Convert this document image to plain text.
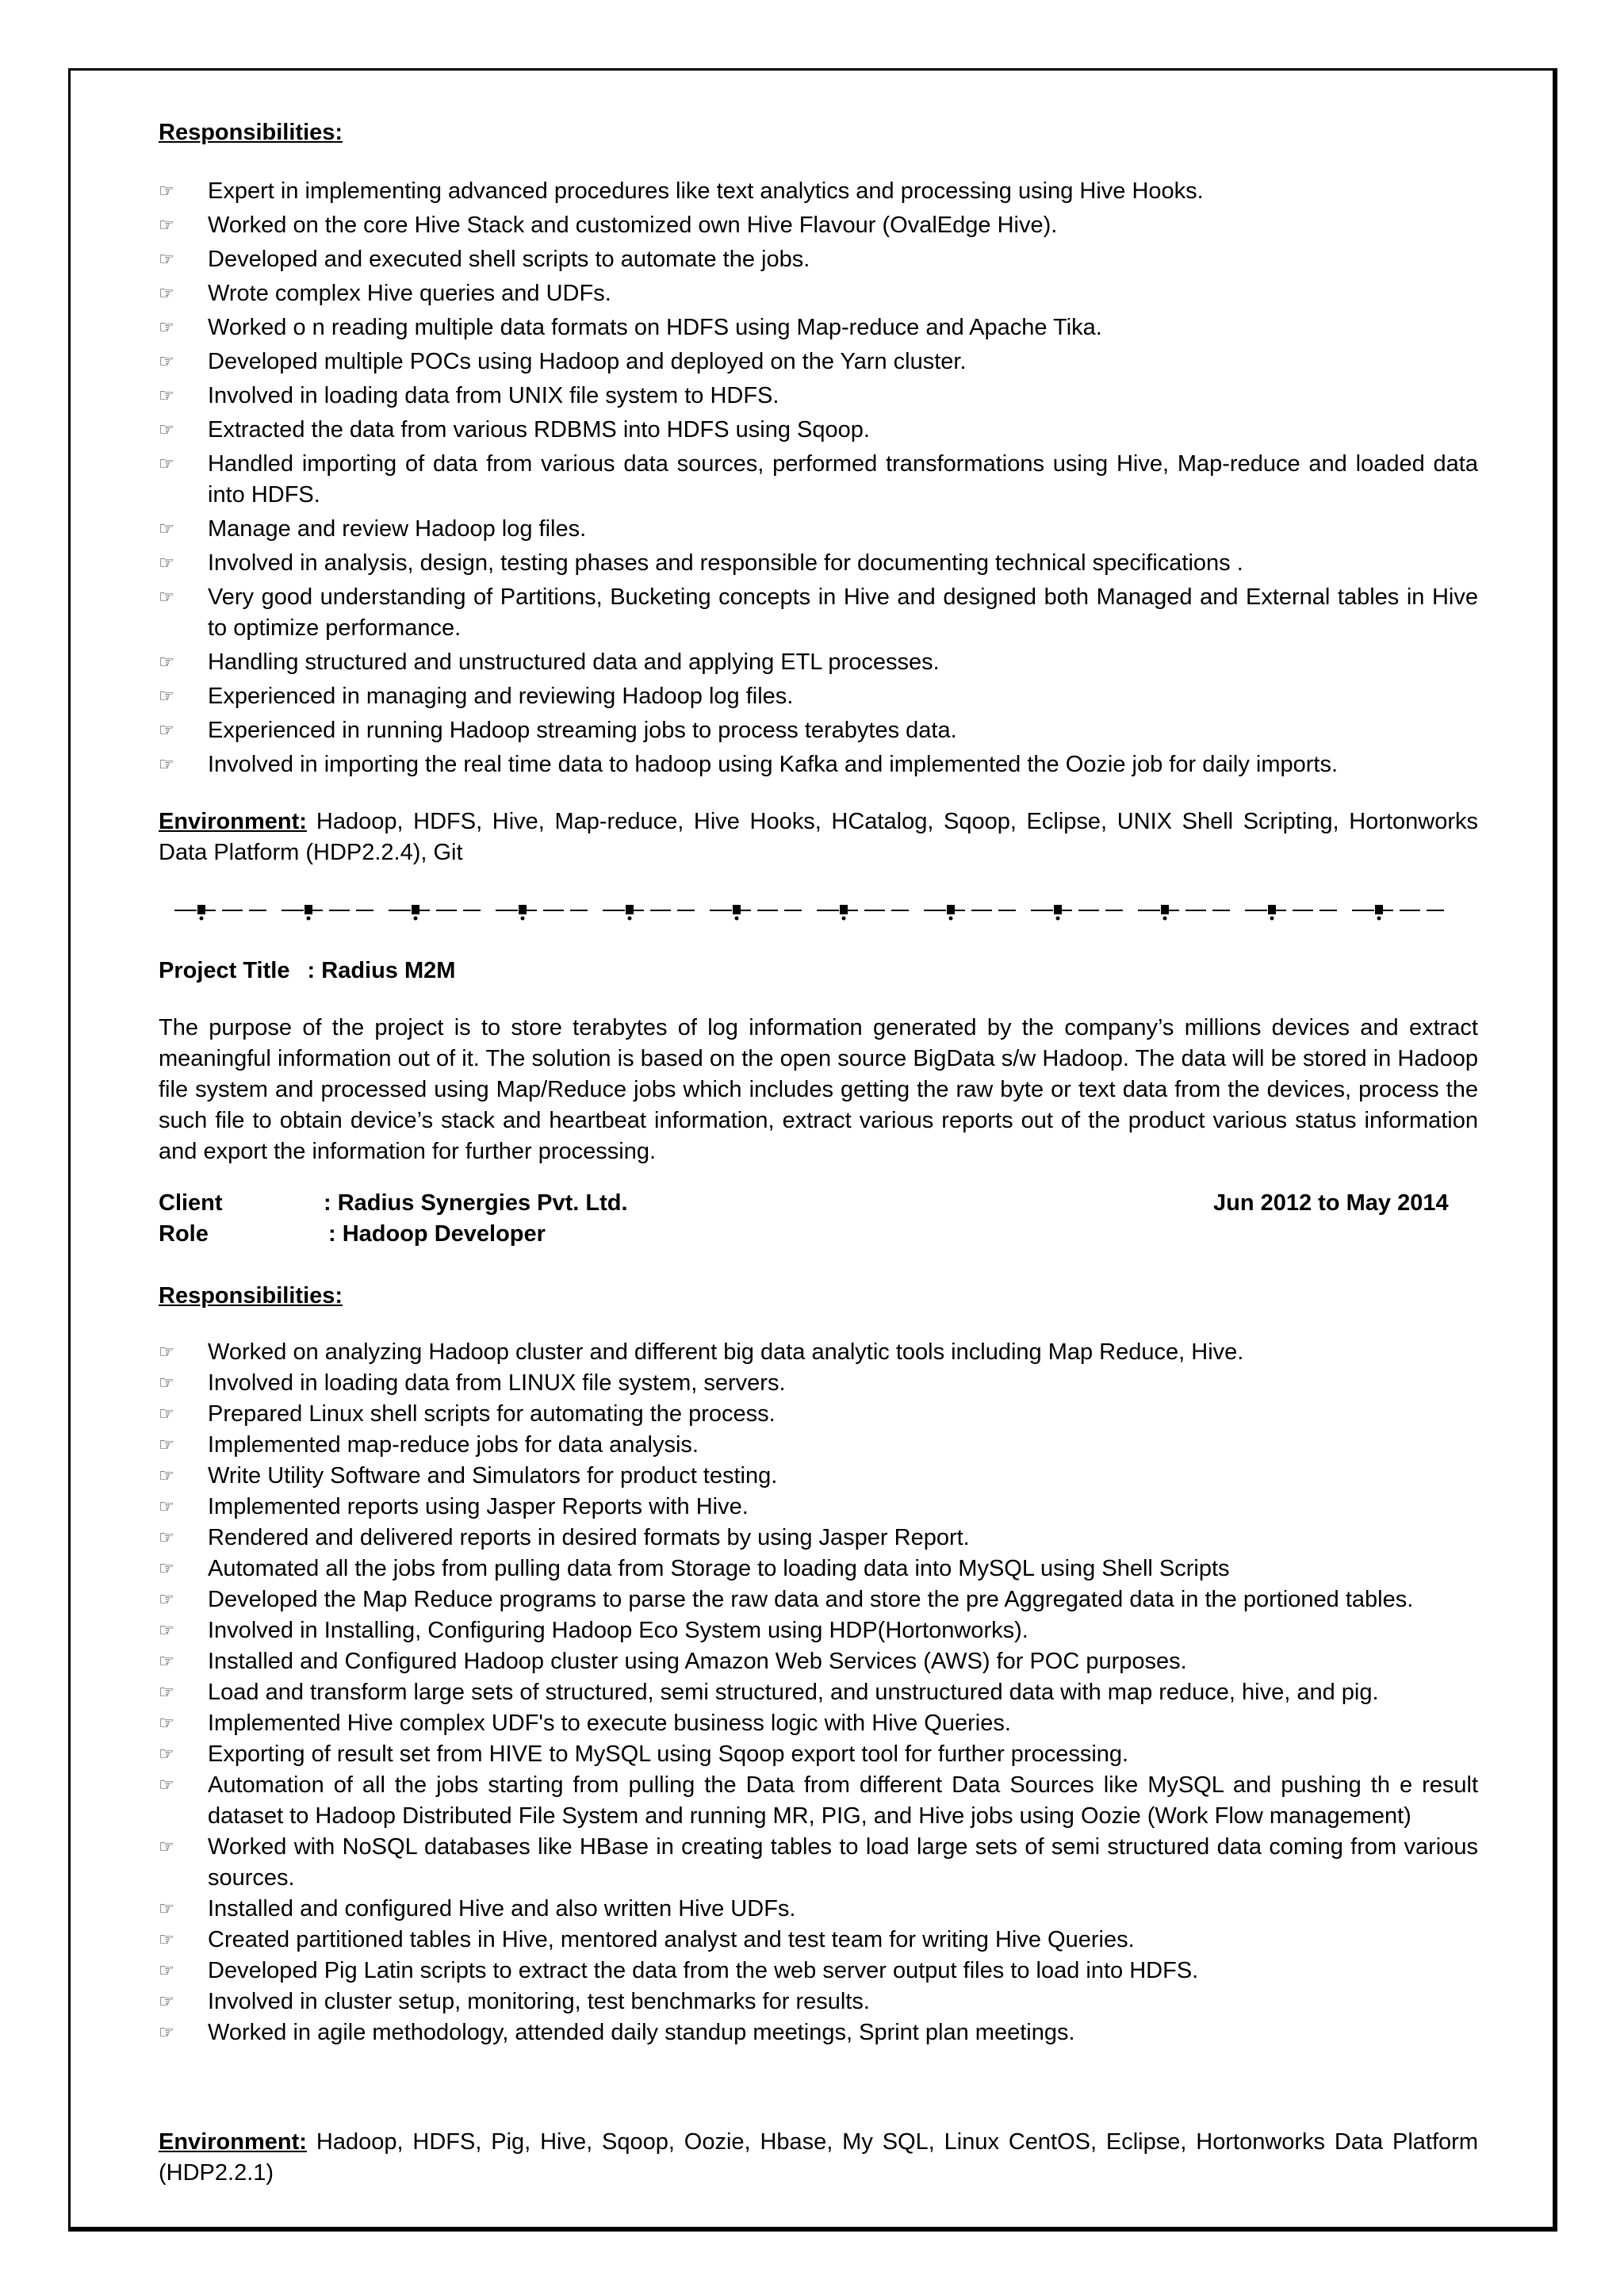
Responsibilities:
☞ Expert in implementing advanced procedures like text analytics and processing using Hive Hooks.
☞ Worked on the core Hive Stack and customized own Hive Flavour (OvalEdge Hive).
☞ Developed and executed shell scripts to automate the jobs.
☞ Wrote complex Hive queries and UDFs.
☞ Worked o n reading multiple data formats on HDFS using Map-reduce and Apache Tika.
☞ Developed multiple POCs using Hadoop and deployed on the Yarn cluster.
☞ Involved in loading data from UNIX file system to HDFS.
☞ Extracted the data from various RDBMS into HDFS using Sqoop.
☞ Handled importing of data from various data sources, performed transformations using Hive, Map-reduce and loaded data into HDFS.
☞ Manage and review Hadoop log files.
☞ Involved in analysis, design, testing phases and responsible for documenting technical specifications .
☞ Very good understanding of Partitions, Bucketing concepts in Hive and designed both Managed and External tables in Hive to optimize performance.
☞ Handling structured and unstructured data and applying ETL processes.
☞ Experienced in managing and reviewing Hadoop log files.
☞ Experienced in running Hadoop streaming jobs to process terabytes data.
☞ Involved in importing the real time data to hadoop using Kafka and implemented the Oozie job for daily imports.
Environment: Hadoop, HDFS, Hive, Map-reduce, Hive Hooks, HCatalog, Sqoop, Eclipse, UNIX Shell Scripting, Hortonworks Data Platform (HDP2.2.4), Git
Project Title : Radius M2M
The purpose of the project is to store terabytes of log information generated by the company’s millions devices and extract meaningful information out of it. The solution is based on the open source BigData s/w Hadoop. The data will be stored in Hadoop file system and processed using Map/Reduce jobs which includes getting the raw byte or text data from the devices, process the such file to obtain device’s stack and heartbeat information, extract various reports out of the product various status information and export the information for further processing.
Client	: Radius Synergies Pvt. Ltd.	Jun 2012 to May 2014
Role	: Hadoop Developer
Responsibilities:
☞ Worked on analyzing Hadoop cluster and different big data analytic tools including Map Reduce, Hive.
☞ Involved in loading data from LINUX file system, servers.
☞ Prepared Linux shell scripts for automating the process.
☞ Implemented map-reduce jobs for data analysis.
☞ Write Utility Software and Simulators for product testing.
☞ Implemented reports using Jasper Reports with Hive.
☞ Rendered and delivered reports in desired formats by using Jasper Report.
☞ Automated all the jobs from pulling data from Storage to loading data into MySQL using Shell Scripts
☞ Developed the Map Reduce programs to parse the raw data and store the pre Aggregated data in the portioned tables.
☞ Involved in Installing, Configuring Hadoop Eco System using HDP(Hortonworks).
☞ Installed and Configured Hadoop cluster using Amazon Web Services (AWS) for POC purposes.
☞ Load and transform large sets of structured, semi structured, and unstructured data with map reduce, hive, and pig.
☞ Implemented Hive complex UDF's to execute business logic with Hive Queries.
☞ Exporting of result set from HIVE to MySQL using Sqoop export tool for further processing.
☞ Automation of all the jobs starting from pulling the Data from different Data Sources like MySQL and pushing th e result dataset to Hadoop Distributed File System and running MR, PIG, and Hive jobs using Oozie (Work Flow management)
☞ Worked with NoSQL databases like HBase in creating tables to load large sets of semi structured data coming from various sources.
☞ Installed and configured Hive and also written Hive UDFs.
☞ Created partitioned tables in Hive, mentored analyst and test team for writing Hive Queries.
☞ Developed Pig Latin scripts to extract the data from the web server output files to load into HDFS.
☞ Involved in cluster setup, monitoring, test benchmarks for results.
☞ Worked in agile methodology, attended daily standup meetings, Sprint plan meetings.
Environment: Hadoop, HDFS, Pig, Hive, Sqoop, Oozie, Hbase, My SQL, Linux CentOS, Eclipse, Hortonworks Data Platform (HDP2.2.1)
